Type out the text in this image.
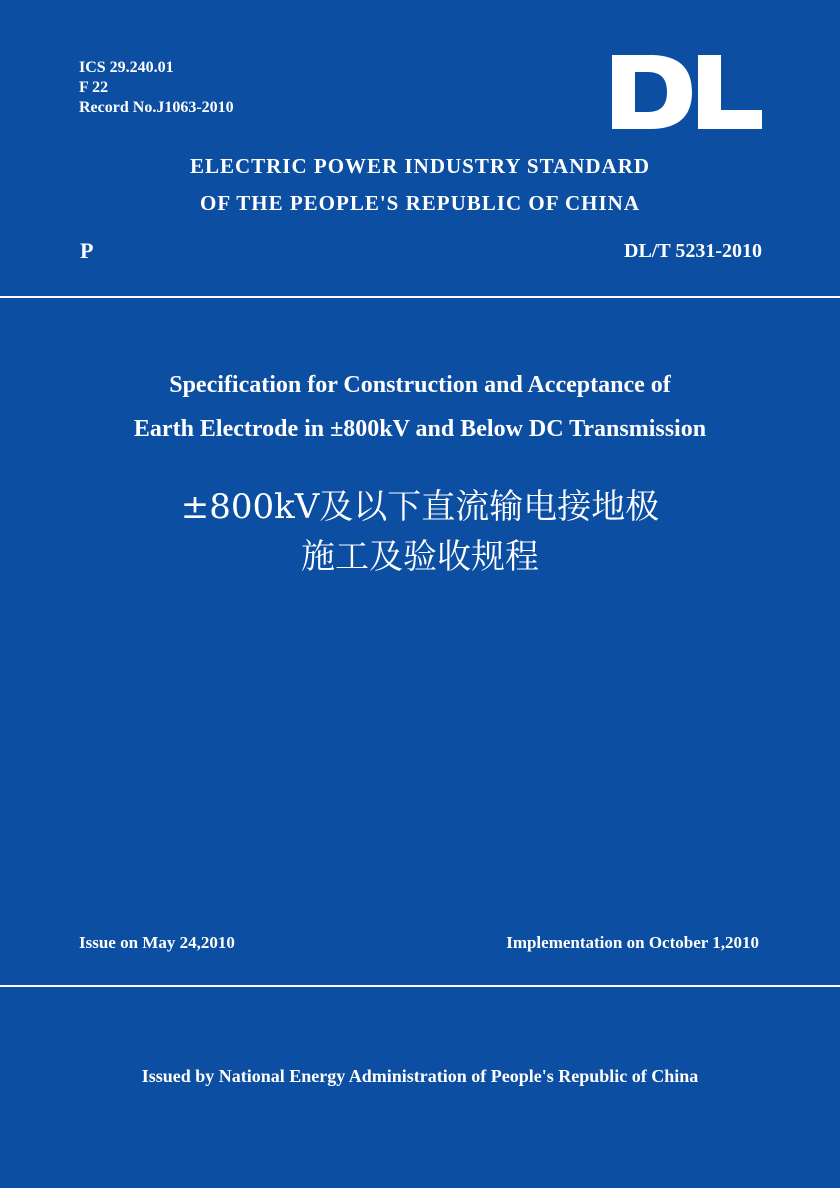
ICS 29.240.01
F 22
Record No.J1063-2010
ELECTRIC POWER INDUSTRY STANDARD
OF THE PEOPLE'S REPUBLIC OF CHINA
P	DL/T 5231-2010
Specification for Construction and Acceptance of
Earth Electrode in ±800kV and Below DC Transmission
±800kV及以下直流输电接地极
施工及验收规程
Issue on May 24,2010	Implementation on October 1,2010
Issued by National Energy Administration of People's Republic of China
